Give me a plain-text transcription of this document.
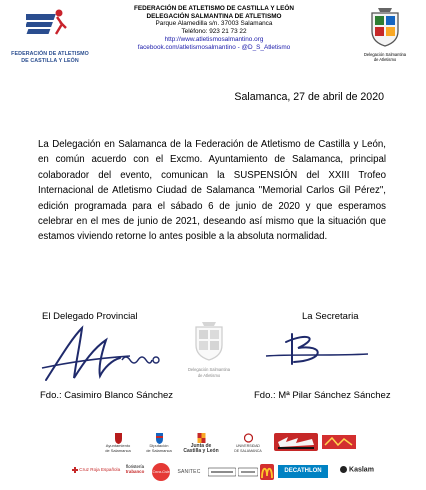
FEDERACIÓN DE ATLETISMO
DE CASTILLA Y LEÓN
FEDERACIÓN DE ATLETISMO DE CASTILLA Y LEÓN
DELEGACIÓN SALMANTINA DE ATLETISMO
Parque Alamedilla s/n. 37003 Salamanca
Teléfono: 923 21 73 22
http://www.atletismosalmantino.org
facebook.com/atletismosalmantino - @D_S_Atletismo
Delegación Salmantina
de Atletismo
Salamanca, 27 de abril de 2020

La Delegación en Salamanca de la Federación de Atletismo de Castilla y León, en común acuerdo con el Excmo. Ayuntamiento de Salamanca, principal colaborador del evento, comunican la SUSPENSIÓN del XXIII Trofeo Internacional de Atletismo Ciudad de Salamanca "Memorial Carlos Gil Pérez", edición programada para el sábado 6 de junio de 2020 y que esperamos celebrar en el mes de junio de 2021, deseando así mismo que la situación que estamos viviendo retorne lo antes posible a la absoluta normalidad.

El Delegado Provincial	La Secretaria
Delegación Salmantina
de Atletismo
Fdo.: Casimiro Blanco Sánchez	Fdo.: Mª Pilar Sánchez Sánchez
Ayuntamiento
de Salamanca
Diputación
de Salamanca
Junta de
Castilla y León
UNIVERSIDAD
DE SALAMANCA
Cruz Roja Española
floristería
trabanco	Coca-Cola	SANITEC	DECATHLON	Kaslam
